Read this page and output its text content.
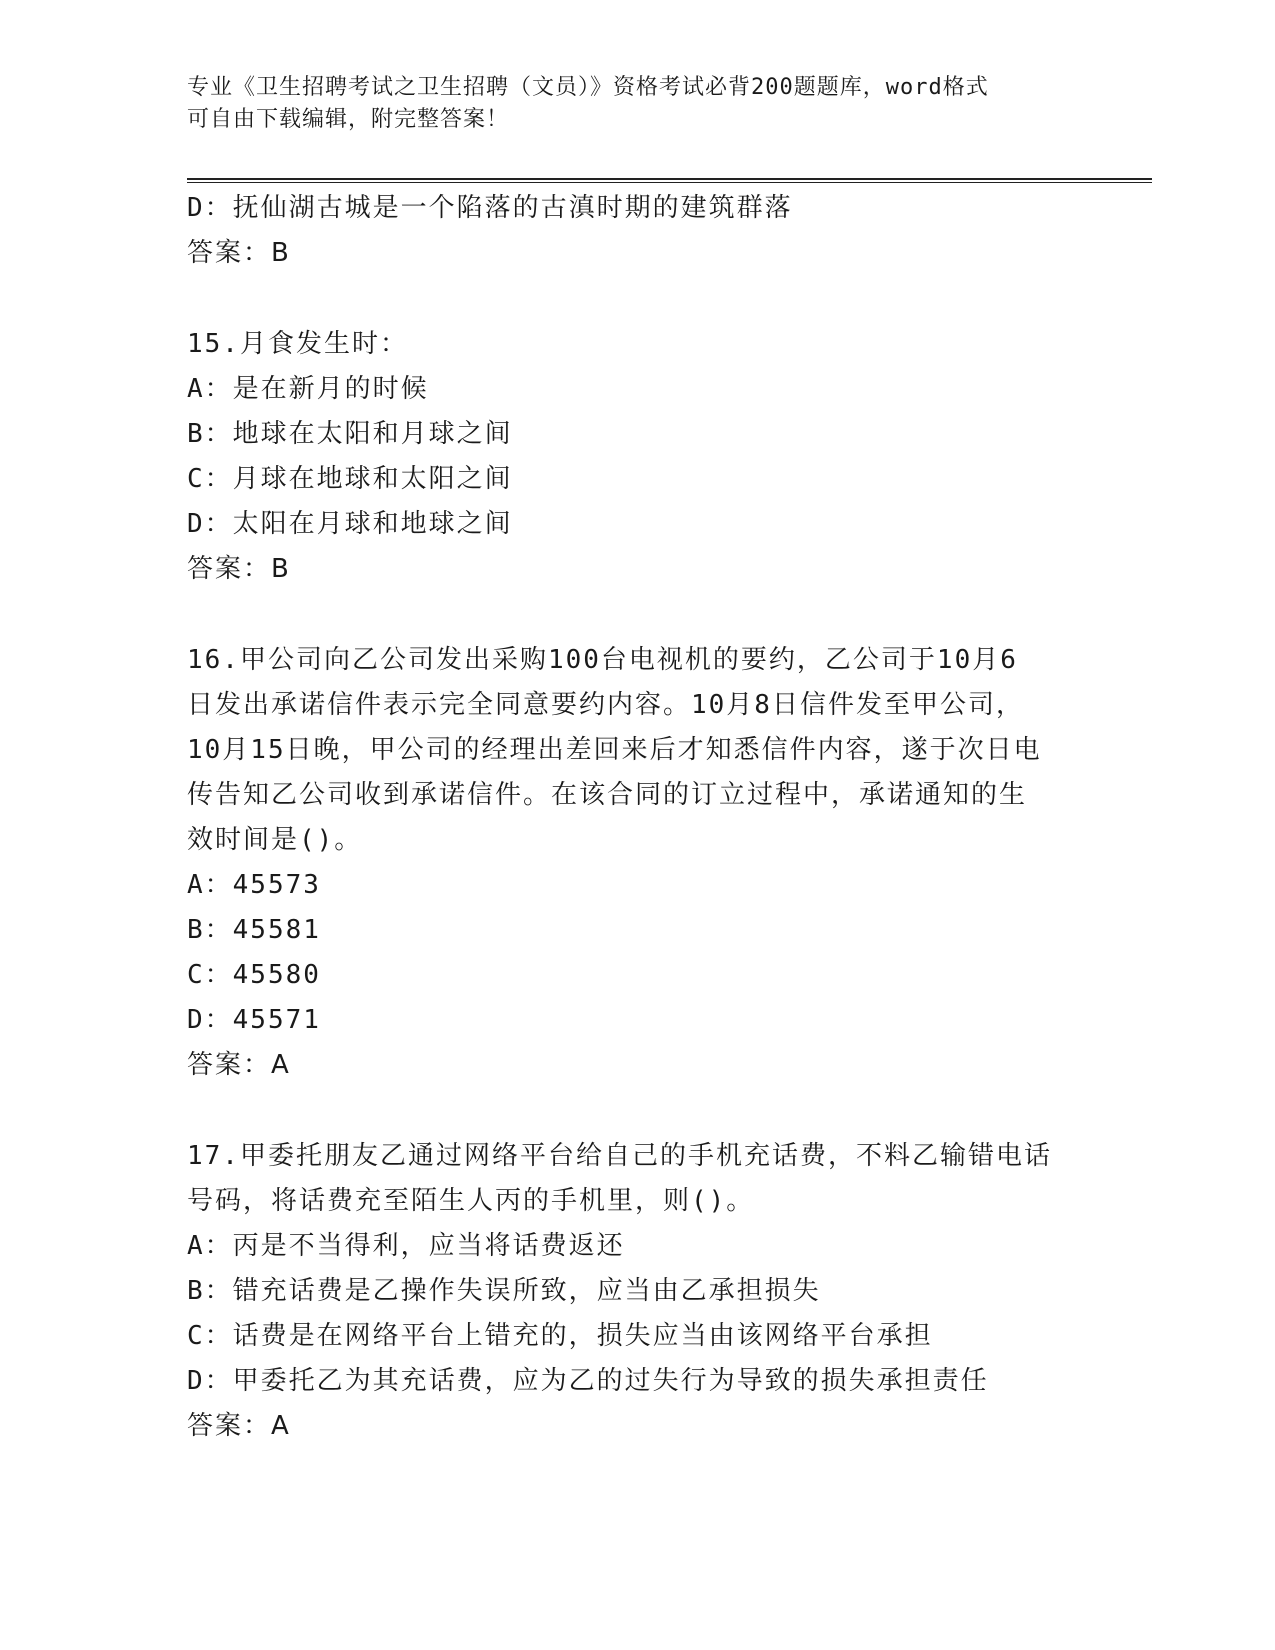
专业《卫生招聘考试之卫生招聘（文员）》资格考试必背200题题库，word格式
可自由下载编辑，附完整答案！
D：抚仙湖古城是一个陷落的古滇时期的建筑群落
答案：B
15.月食发生时：
A：是在新月的时候
B：地球在太阳和月球之间
C：月球在地球和太阳之间
D：太阳在月球和地球之间
答案：B
16.甲公司向乙公司发出采购100台电视机的要约，乙公司于10月6
日发出承诺信件表示完全同意要约内容。10月8日信件发至甲公司，
10月15日晚，甲公司的经理出差回来后才知悉信件内容，遂于次日电
传告知乙公司收到承诺信件。在该合同的订立过程中，承诺通知的生
效时间是()。
A：45573
B：45581
C：45580
D：45571
答案：A
17.甲委托朋友乙通过网络平台给自己的手机充话费，不料乙输错电话
号码，将话费充至陌生人丙的手机里，则()。
A：丙是不当得利，应当将话费返还
B：错充话费是乙操作失误所致，应当由乙承担损失
C：话费是在网络平台上错充的，损失应当由该网络平台承担
D：甲委托乙为其充话费，应为乙的过失行为导致的损失承担责任
答案：A
